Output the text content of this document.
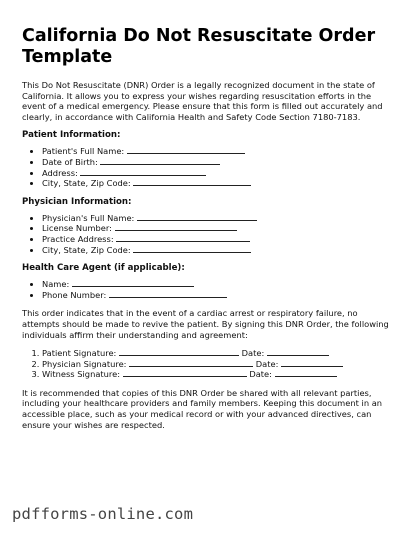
California Do Not Resuscitate Order Template

This Do Not Resuscitate (DNR) Order is a legally recognized document in the state of California. It allows you to express your wishes regarding resuscitation efforts in the event of a medical emergency. Please ensure that this form is filled out accurately and clearly, in accordance with California Health and Safety Code Section 7180-7183.

Patient Information:
• Patient's Full Name:
• Date of Birth:
• Address:
• City, State, Zip Code:
Physician Information:
• Physician's Full Name:
• License Number:
• Practice Address:
• City, State, Zip Code:
Health Care Agent (if applicable):
• Name:
• Phone Number:

This order indicates that in the event of a cardiac arrest or respiratory failure, no attempts should be made to revive the patient. By signing this DNR Order, the following individuals affirm their understanding and agreement:

1. Patient Signature:	Date:
2. Physician Signature:	Date:
3. Witness Signature:	Date:

It is recommended that copies of this DNR Order be shared with all relevant parties, including your healthcare providers and family members. Keeping this document in an accessible place, such as your medical record or with your advanced directives, can ensure your wishes are respected.

pdfforms-online.com
